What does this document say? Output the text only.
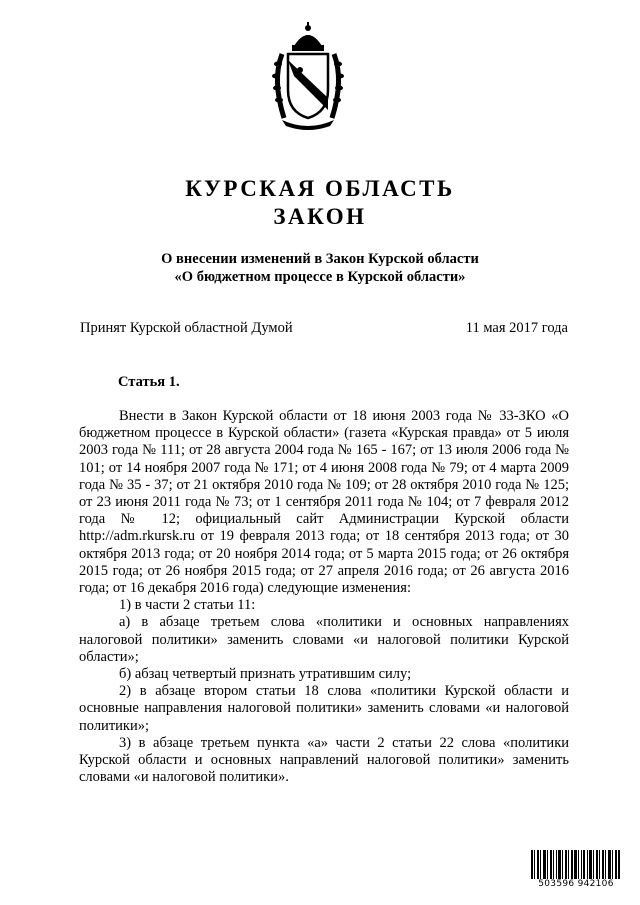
КУРСКАЯ ОБЛАСТЬ
ЗАКОН
О внесении изменений в Закон Курской области
«О бюджетном процессе в Курской области»
Принят Курской областной Думой	11 мая 2017 года
Статья 1.

Внести в Закон Курской области от 18 июня 2003 года № 33-ЗКО «О бюджетном процессе в Курской области» (газета «Курская правда» от 5 июля 2003 года № 111; от 28 августа 2004 года № 165 - 167; от 13 июля 2006 года № 101; от 14 ноября 2007 года № 171; от 4 июня 2008 года № 79; от 4 марта 2009 года № 35 - 37; от 21 октября 2010 года № 109; от 28 октября 2010 года № 125; от 23 июня 2011 года № 73; от 1 сентября 2011 года № 104; от 7 февраля 2012 года № 12; официальный сайт Администрации Курской области http://adm.rkursk.ru от 19 февраля 2013 года; от 18 сентября 2013 года; от 30 октября 2013 года; от 20 ноября 2014 года; от 5 марта 2015 года; от 26 октября 2015 года; от 26 ноября 2015 года; от 27 апреля 2016 года; от 26 августа 2016 года; от 16 декабря 2016 года) следующие изменения:

1) в части 2 статьи 11:

а) в абзаце третьем слова «политики и основных направлениях налоговой политики» заменить словами «и налоговой политики Курской области»;

б) абзац четвертый признать утратившим силу;

2) в абзаце втором статьи 18 слова «политики Курской области и основные направления налоговой политики» заменить словами «и налоговой политики»;

3) в абзаце третьем пункта «а» части 2 статьи 22 слова «политики Курской области и основных направлений налоговой политики» заменить словами «и налоговой политики».

503596 942106
